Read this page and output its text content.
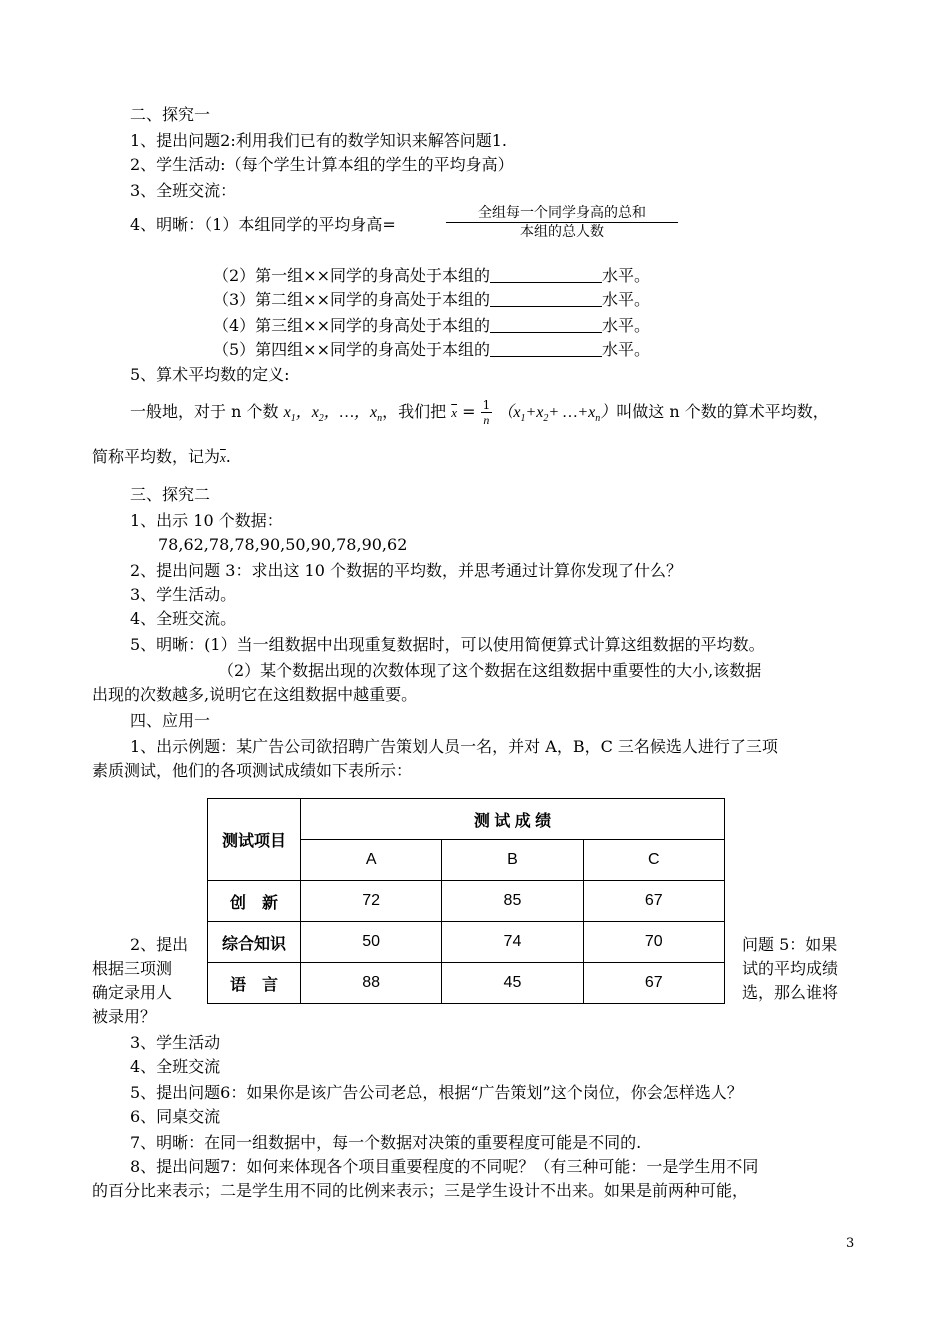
二、探究一
1、提出问题2:利用我们已有的数学知识来解答问题1.
2、学生活动:（每个学生计算本组的学生的平均身高）
3、全班交流：
4、明晰：（1）本组同学的平均身高=
全组每一个同学身高的总和
本组的总人数
（2）第一组××同学的身高处于本组的	水平。
（3）第二组××同学的身高处于本组的	水平。
（4）第三组××同学的身高处于本组的	水平。
（5）第四组××同学的身高处于本组的	水平。
5、算术平均数的定义:
一般地，对于 n 个数 $x_1$，$x_2$，…，$x_n$，我们把 $\overline{x} = \frac{1}{n} (x_1+x_2+$ $\dots+x_n$）叫做这 n 个数的算术平均数，
简称平均数，记为$\overline{x}$.
三、探究二
1、出示 10 个数据：
78,62,78,78,90,50,90,78,90,62
2、提出问题 3：求出这 10 个数据的平均数，并思考通过计算你发现了什么？
3、学生活动。
4、全班交流。
5、明晰：(1）当一组数据中出现重复数据时，可以使用简便算式计算这组数据的平均数。
（2）某个数据出现的次数体现了这个数据在这组数据中重要性的大小,该数据
出现的次数越多,说明它在这组数据中越重要。
四、应用一
1、出示例题：某广告公司欲招聘广告策划人员一名，并对 A，B，C 三名候选人进行了三项
素质测试，他们的各项测试成绩如下表所示：
测试项目	测 试 成 绩		
	A	B	C
创　新	72	85	67
综合知识	50	74	70
语　言	88	45	67
2、提出
根据三项测
确定录用人
被录用？
问题 5：如果
试的平均成绩
选，那么谁将
3、学生活动
4、全班交流
5、提出问题6：如果你是该广告公司老总，根据“广告策划”这个岗位，你会怎样选人？
6、同桌交流
7、明晰：在同一组数据中，每一个数据对决策的重要程度可能是不同的.
8、提出问题7：如何来体现各个项目重要程度的不同呢？（有三种可能：一是学生用不同
的百分比来表示；二是学生用不同的比例来表示；三是学生设计不出来。如果是前两种可能，
3
